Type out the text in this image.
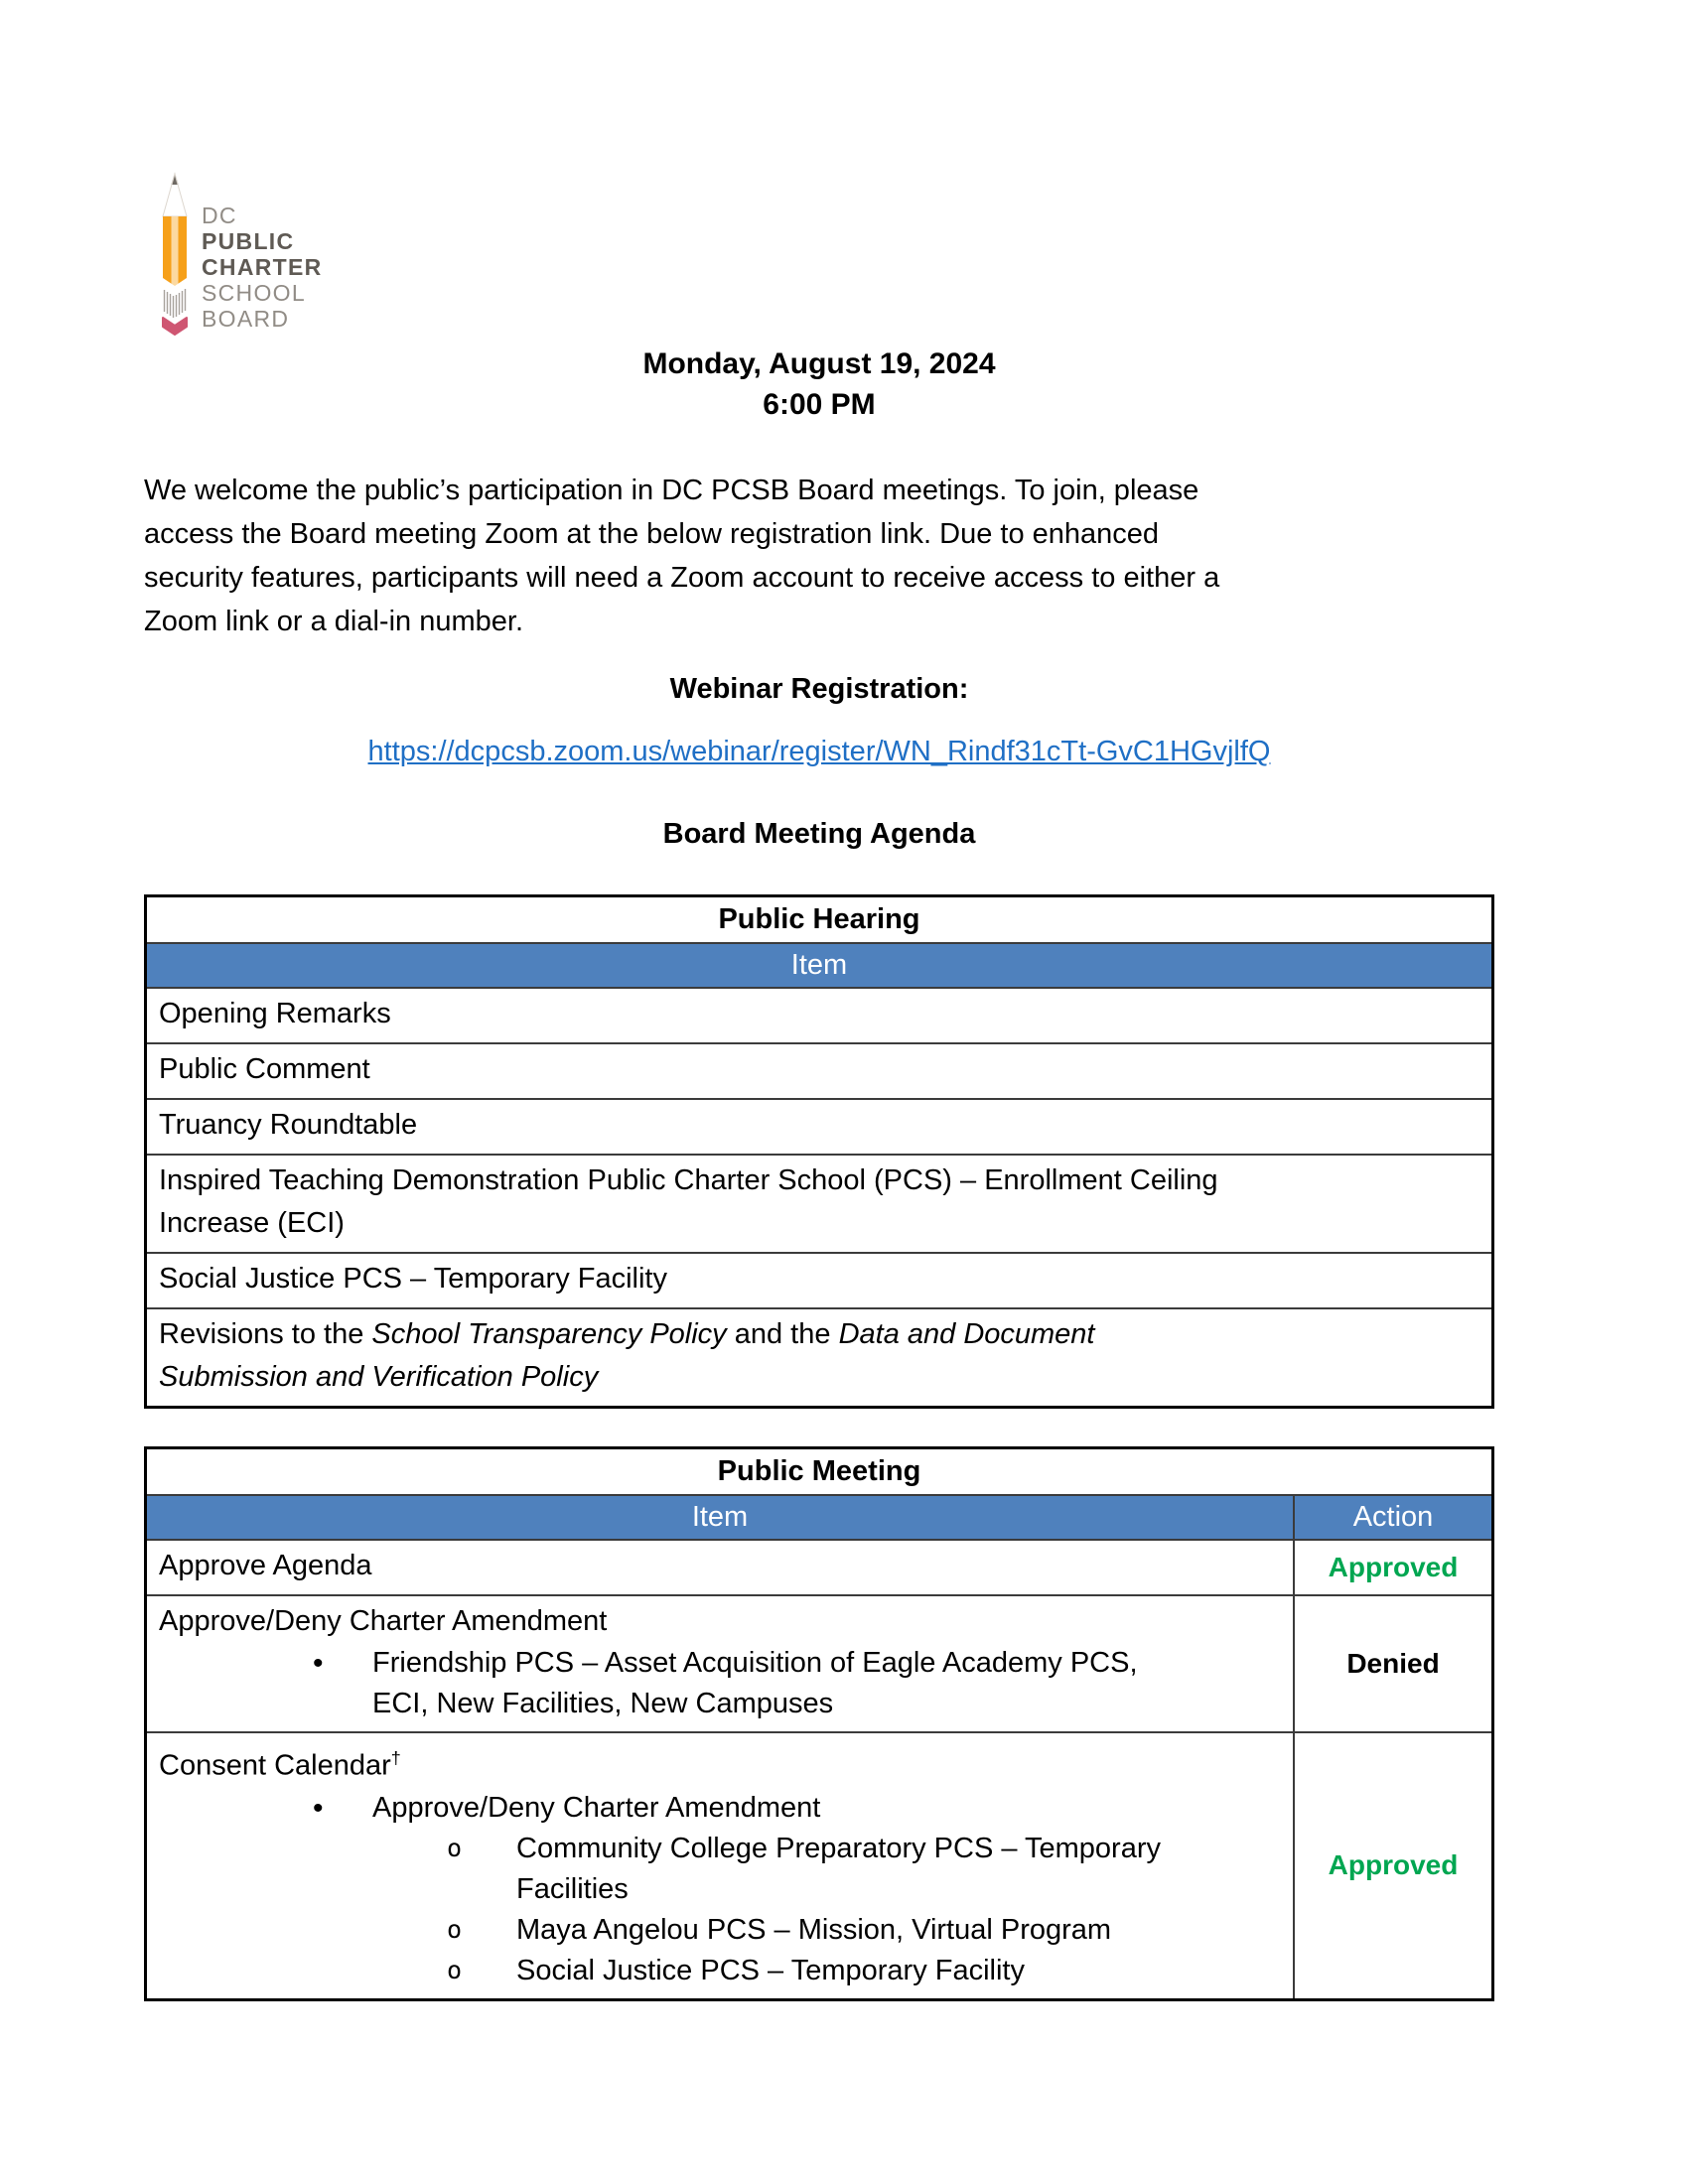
DC
PUBLIC
CHARTER
SCHOOL
BOARD
Monday, August 19, 2024
6:00 PM
We welcome the public’s participation in DC PCSB Board meetings. To join, please
access the Board meeting Zoom at the below registration link. Due to enhanced
security features, participants will need a Zoom account to receive access to either a
Zoom link or a dial-in number.
Webinar Registration:
https://dcpcsb.zoom.us/webinar/register/WN_Rindf31cTt-GvC1HGvjlfQ
Board Meeting Agenda
Public Hearing
Item

Opening Remarks

Public Comment

Truancy Roundtable

Inspired Teaching Demonstration Public Charter School (PCS) – Enrollment Ceiling
Increase (ECI)

Social Justice PCS – Temporary Facility

Revisions to the School Transparency Policy and the Data and Document
Submission and Verification Policy
Public Meeting	
Item	Action

Approve Agenda	Approved

Approve/Deny Charter Amendment
• Friendship PCS – Asset Acquisition of Eagle Academy PCS,
ECI, New Facilities, New Campuses	Denied

Consent Calendar†
•	Approve/Deny Charter Amendment
o	Community College Preparatory PCS – Temporary
Facilities
o	Maya Angelou PCS – Mission, Virtual Program
o	Social Justice PCS – Temporary Facility
	Approved
